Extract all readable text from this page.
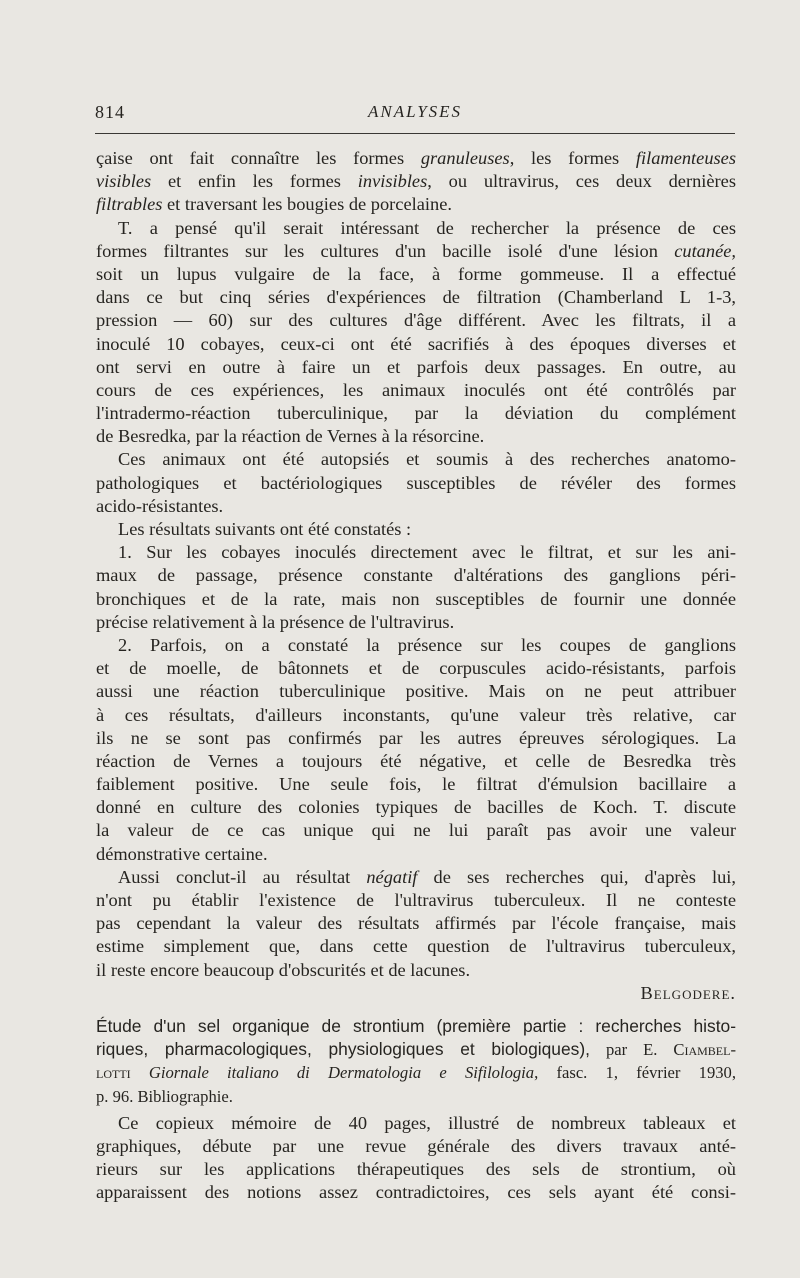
814	ANALYSES
çaise ont fait connaître les formes granuleuses, les formes filamenteuses
visibles et enfin les formes invisibles, ou ultravirus, ces deux dernières
filtrables et traversant les bougies de porcelaine.
T. a pensé qu'il serait intéressant de rechercher la présence de ces
formes filtrantes sur les cultures d'un bacille isolé d'une lésion cutanée,
soit un lupus vulgaire de la face, à forme gommeuse. Il a effectué
dans ce but cinq séries d'expériences de filtration (Chamberland L 1-3,
pression — 60) sur des cultures d'âge différent. Avec les filtrats, il a
inoculé 10 cobayes, ceux-ci ont été sacrifiés à des époques diverses et
ont servi en outre à faire un et parfois deux passages. En outre, au
cours de ces expériences, les animaux inoculés ont été contrôlés par
l'intradermo-réaction tuberculinique, par la déviation du complément
de Besredka, par la réaction de Vernes à la résorcine.
Ces animaux ont été autopsiés et soumis à des recherches anatomo-
pathologiques et bactériologiques susceptibles de révéler des formes
acido-résistantes.
Les résultats suivants ont été constatés :
1. Sur les cobayes inoculés directement avec le filtrat, et sur les ani-
maux de passage, présence constante d'altérations des ganglions péri-
bronchiques et de la rate, mais non susceptibles de fournir une donnée
précise relativement à la présence de l'ultravirus.
2. Parfois, on a constaté la présence sur les coupes de ganglions
et de moelle, de bâtonnets et de corpuscules acido-résistants, parfois
aussi une réaction tuberculinique positive. Mais on ne peut attribuer
à ces résultats, d'ailleurs inconstants, qu'une valeur très relative, car
ils ne se sont pas confirmés par les autres épreuves sérologiques. La
réaction de Vernes a toujours été négative, et celle de Besredka très
faiblement positive. Une seule fois, le filtrat d'émulsion bacillaire a
donné en culture des colonies typiques de bacilles de Koch. T. discute
la valeur de ce cas unique qui ne lui paraît pas avoir une valeur
démonstrative certaine.
Aussi conclut-il au résultat négatif de ses recherches qui, d'après lui,
n'ont pu établir l'existence de l'ultravirus tuberculeux. Il ne conteste
pas cependant la valeur des résultats affirmés par l'école française, mais
estime simplement que, dans cette question de l'ultravirus tuberculeux,
il reste encore beaucoup d'obscurités et de lacunes.
Belgodere.
Étude d'un sel organique de strontium (première partie : recherches histo-
riques, pharmacologiques, physiologiques et biologiques), par E. Ciambel-
lotti Giornale italiano di Dermatologia e Sifilologia, fasc. 1, février 1930,
p. 96. Bibliographie.
Ce copieux mémoire de 40 pages, illustré de nombreux tableaux et
graphiques, débute par une revue générale des divers travaux anté-
rieurs sur les applications thérapeutiques des sels de strontium, où
apparaissent des notions assez contradictoires, ces sels ayant été consi-
